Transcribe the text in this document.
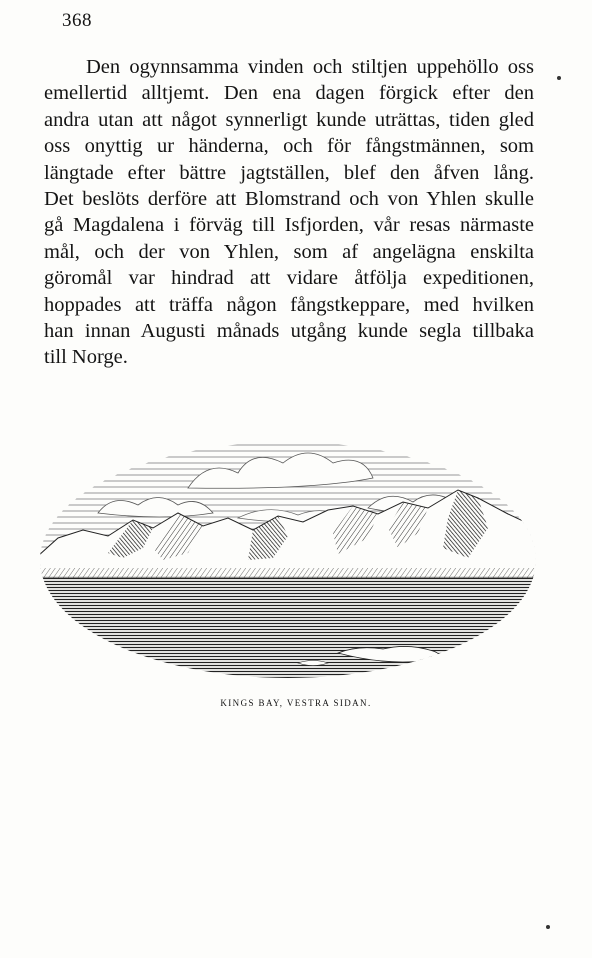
368
Den ogynnsamma vinden och stiltjen uppehöllo oss
emellertid alltjemt. Den ena dagen förgick efter den
andra utan att något synnerligt kunde uträttas, tiden gled
oss onyttig ur händerna, och för fångstmännen, som
längtade efter bättre jagtställen, blef den åfven lång.
Det beslöts derföre att Blomstrand och von Yhlen skulle
gå Magdalena i förväg till Isfjorden, vår resas närmaste
mål, och der von Yhlen, som af angelägna enskilta
göromål var hindrad att vidare åtfölja expeditionen,
hoppades att träffa någon fångstkeppare, med hvilken
han innan Augusti månads utgång kunde segla tillbaka
till Norge.
KINGS BAY, VESTRA SIDAN.
